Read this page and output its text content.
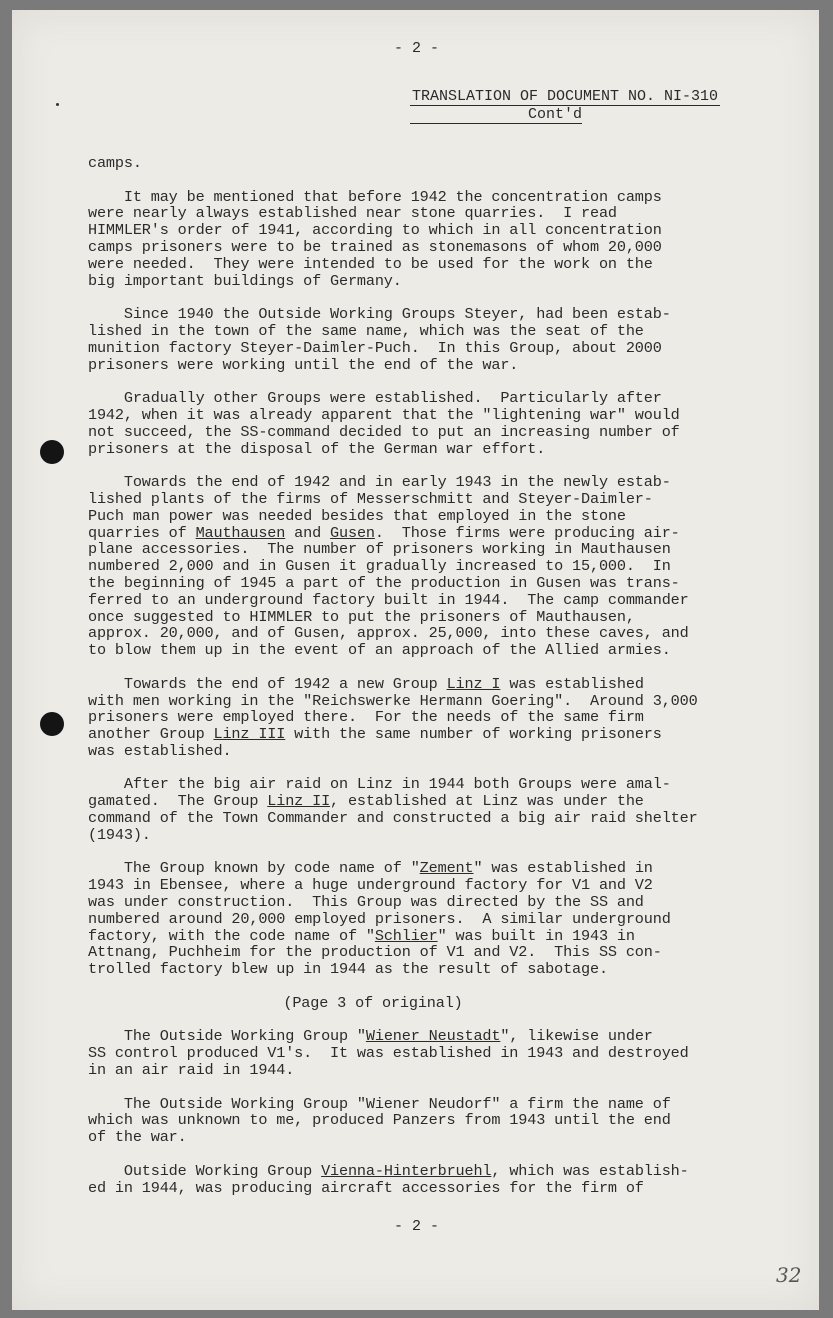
- 2 -
TRANSLATION OF DOCUMENT NO. NI-310
Cont'd

camps.

It may be mentioned that before 1942 the concentration camps
were nearly always established near stone quarries.  I read
HIMMLER's order of 1941, according to which in all concentration
camps prisoners were to be trained as stonemasons of whom 20,000
were needed.  They were intended to be used for the work on the
big important buildings of Germany.

Since 1940 the Outside Working Groups Steyer, had been estab-
lished in the town of the same name, which was the seat of the
munition factory Steyer-Daimler-Puch.  In this Group, about 2000
prisoners were working until the end of the war.

Gradually other Groups were established.  Particularly after
1942, when it was already apparent that the "lightening war" would
not succeed, the SS-command decided to put an increasing number of
prisoners at the disposal of the German war effort.

Towards the end of 1942 and in early 1943 in the newly estab-
lished plants of the firms of Messerschmitt and Steyer-Daimler-
Puch man power was needed besides that employed in the stone
quarries of Mauthausen and Gusen.  Those firms were producing air-
plane accessories.  The number of prisoners working in Mauthausen
numbered 2,000 and in Gusen it gradually increased to 15,000.  In
the beginning of 1945 a part of the production in Gusen was trans-
ferred to an underground factory built in 1944.  The camp commander
once suggested to HIMMLER to put the prisoners of Mauthausen,
approx. 20,000, and of Gusen, approx. 25,000, into these caves, and
to blow them up in the event of an approach of the Allied armies.

Towards the end of 1942 a new Group Linz I was established
with men working in the "Reichswerke Hermann Goering".  Around 3,000
prisoners were employed there.  For the needs of the same firm
another Group Linz III with the same number of working prisoners
was established.

After the big air raid on Linz in 1944 both Groups were amal-
gamated.  The Group Linz II, established at Linz was under the
command of the Town Commander and constructed a big air raid shelter
(1943).

The Group known by code name of "Zement" was established in
1943 in Ebensee, where a huge underground factory for V1 and V2
was under construction.  This Group was directed by the SS and
numbered around 20,000 employed prisoners.  A similar underground
factory, with the code name of "Schlier" was built in 1943 in
Attnang, Puchheim for the production of V1 and V2.  This SS con-
trolled factory blew up in 1944 as the result of sabotage.

(Page 3 of original)

The Outside Working Group "Wiener Neustadt", likewise under
SS control produced V1's.  It was established in 1943 and destroyed
in an air raid in 1944.

The Outside Working Group "Wiener Neudorf" a firm the name of
which was unknown to me, produced Panzers from 1943 until the end
of the war.

Outside Working Group Vienna-Hinterbruehl, which was establish-
ed in 1944, was producing aircraft accessories for the firm of

- 2 -
32
